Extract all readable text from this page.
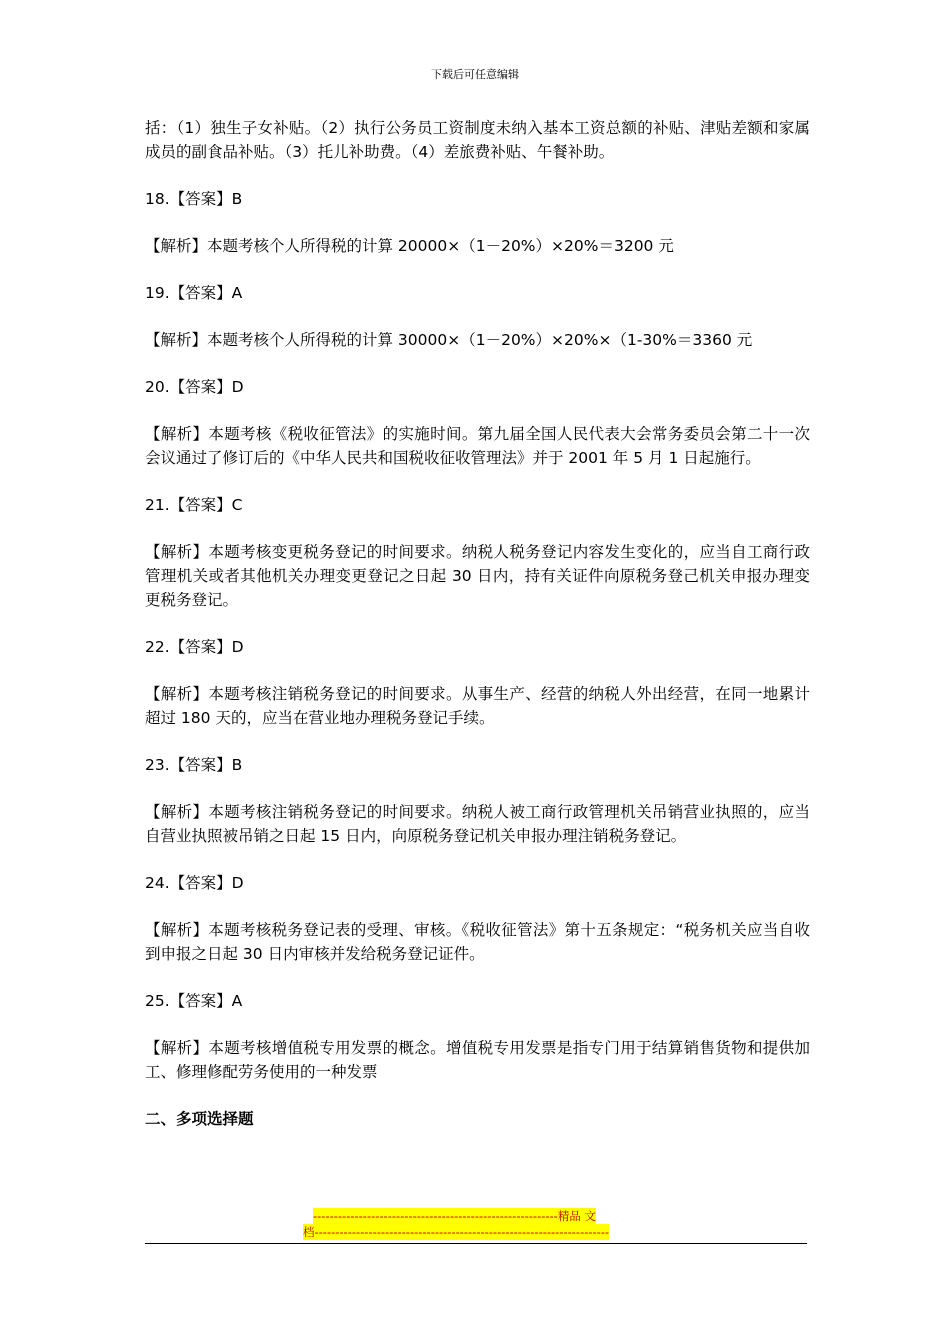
下载后可任意编辑

括：（1）独生子女补贴。（2）执行公务员工资制度未纳入基本工资总额的补贴、津贴差额和家属成员的副食品补贴。（3）托儿补助费。（4）差旅费补贴、午餐补助。

18.【答案】B

【解析】本题考核个人所得税的计算 20000×（1－20%）×20%＝3200 元

19.【答案】A

【解析】本题考核个人所得税的计算 30000×（1－20%）×20%×（1-30%＝3360 元

20.【答案】D

【解析】本题考核《税收征管法》的实施时间。第九届全国人民代表大会常务委员会第二十一次会议通过了修订后的《中华人民共和国税收征收管理法》并于 2001 年 5 月 1 日起施行。

21.【答案】C

【解析】本题考核变更税务登记的时间要求。纳税人税务登记内容发生变化的，应当自工商行政管理机关或者其他机关办理变更登记之日起 30 日内，持有关证件向原税务登己机关申报办理变更税务登记。

22.【答案】D

【解析】本题考核注销税务登记的时间要求。从事生产、经营的纳税人外出经营，在同一地累计超过 180 天的，应当在营业地办理税务登记手续。

23.【答案】B

【解析】本题考核注销税务登记的时间要求。纳税人被工商行政管理机关吊销营业执照的，应当自营业执照被吊销之日起 15 日内，向原税务登记机关申报办理注销税务登记。

24.【答案】D

【解析】本题考核税务登记表的受理、审核。《税收征管法》第十五条规定：“税务机关应当自收到申报之日起 30 日内审核并发给税务登记证件。

25.【答案】A

【解析】本题考核增值税专用发票的概念。增值税专用发票是指专门用于结算销售货物和提供加工、修理修配劳务使用的一种发票

二、多项选择题

-----------------------------------------------------------精品 文
档-----------------------------------------------------------------------
